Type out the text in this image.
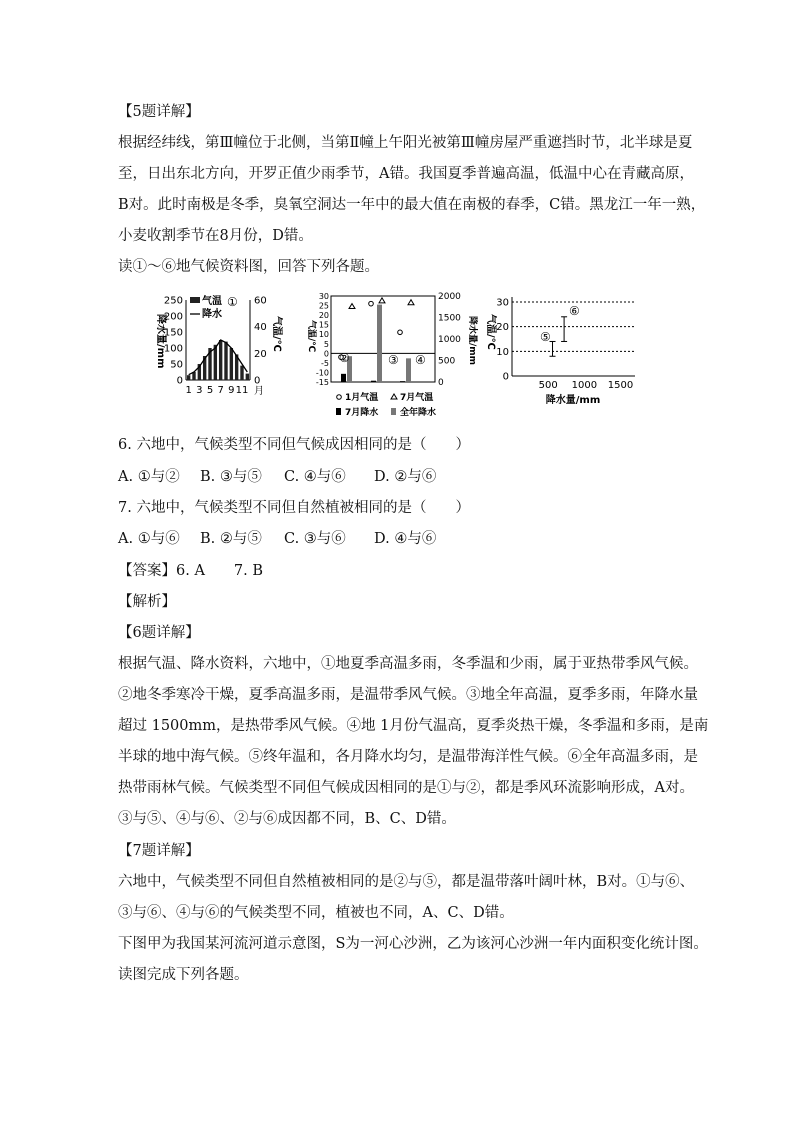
【5题详解】
根据经纬线，第Ⅲ幢位于北侧，当第Ⅱ幢上午阳光被第Ⅲ幢房屋严重遮挡时节，北半球是夏
至，日出东北方向，开罗正值少雨季节，A错。我国夏季普遍高温，低温中心在青藏高原，
B对。此时南极是冬季，臭氧空洞达一年中的最大值在南极的春季，C错。黑龙江一年一熟，
小麦收割季节在8月份，D错。
读①～⑥地气候资料图，回答下列各题。
250
200
150
100
50
0
60
40
20
0
1 3 5 7 9 11 月
气温
降水
①
降水量/mm	气温/℃
30
25
20
15
10
5
0
-5
-10
-15
2000
1500
1000
500
0
②	③ ④
气温/℃	降水量/mm
1月气温 7月气温
7月降水 全年降水
30
20
10
0
500 1000 1500
⑤
⑥
气温/℃
降水量/mm
6. 六地中，气候类型不同但气候成因相同的是（　　）
A. ①与② B. ③与⑤ C. ④与⑥ D. ②与⑥
7. 六地中，气候类型不同但自然植被相同的是（　　）
A. ①与⑥ B. ②与⑤ C. ③与⑥ D. ④与⑥
【答案】6. A　　7. B
【解析】
【6题详解】
根据气温、降水资料，六地中，①地夏季高温多雨，冬季温和少雨，属于亚热带季风气候。
②地冬季寒冷干燥，夏季高温多雨，是温带季风气候。③地全年高温，夏季多雨，年降水量
超过 1500mm，是热带季风气候。④地 1月份气温高，夏季炎热干燥，冬季温和多雨，是南
半球的地中海气候。⑤终年温和，各月降水均匀，是温带海洋性气候。⑥全年高温多雨，是
热带雨林气候。气候类型不同但气候成因相同的是①与②，都是季风环流影响形成，A对。
③与⑤、④与⑥、②与⑥成因都不同，B、C、D错。
【7题详解】
六地中，气候类型不同但自然植被相同的是②与⑤，都是温带落叶阔叶林，B对。①与⑥、
③与⑥、④与⑥的气候类型不同，植被也不同，A、C、D错。
下图甲为我国某河流河道示意图，S为一河心沙洲，乙为该河心沙洲一年内面积变化统计图。
读图完成下列各题。
